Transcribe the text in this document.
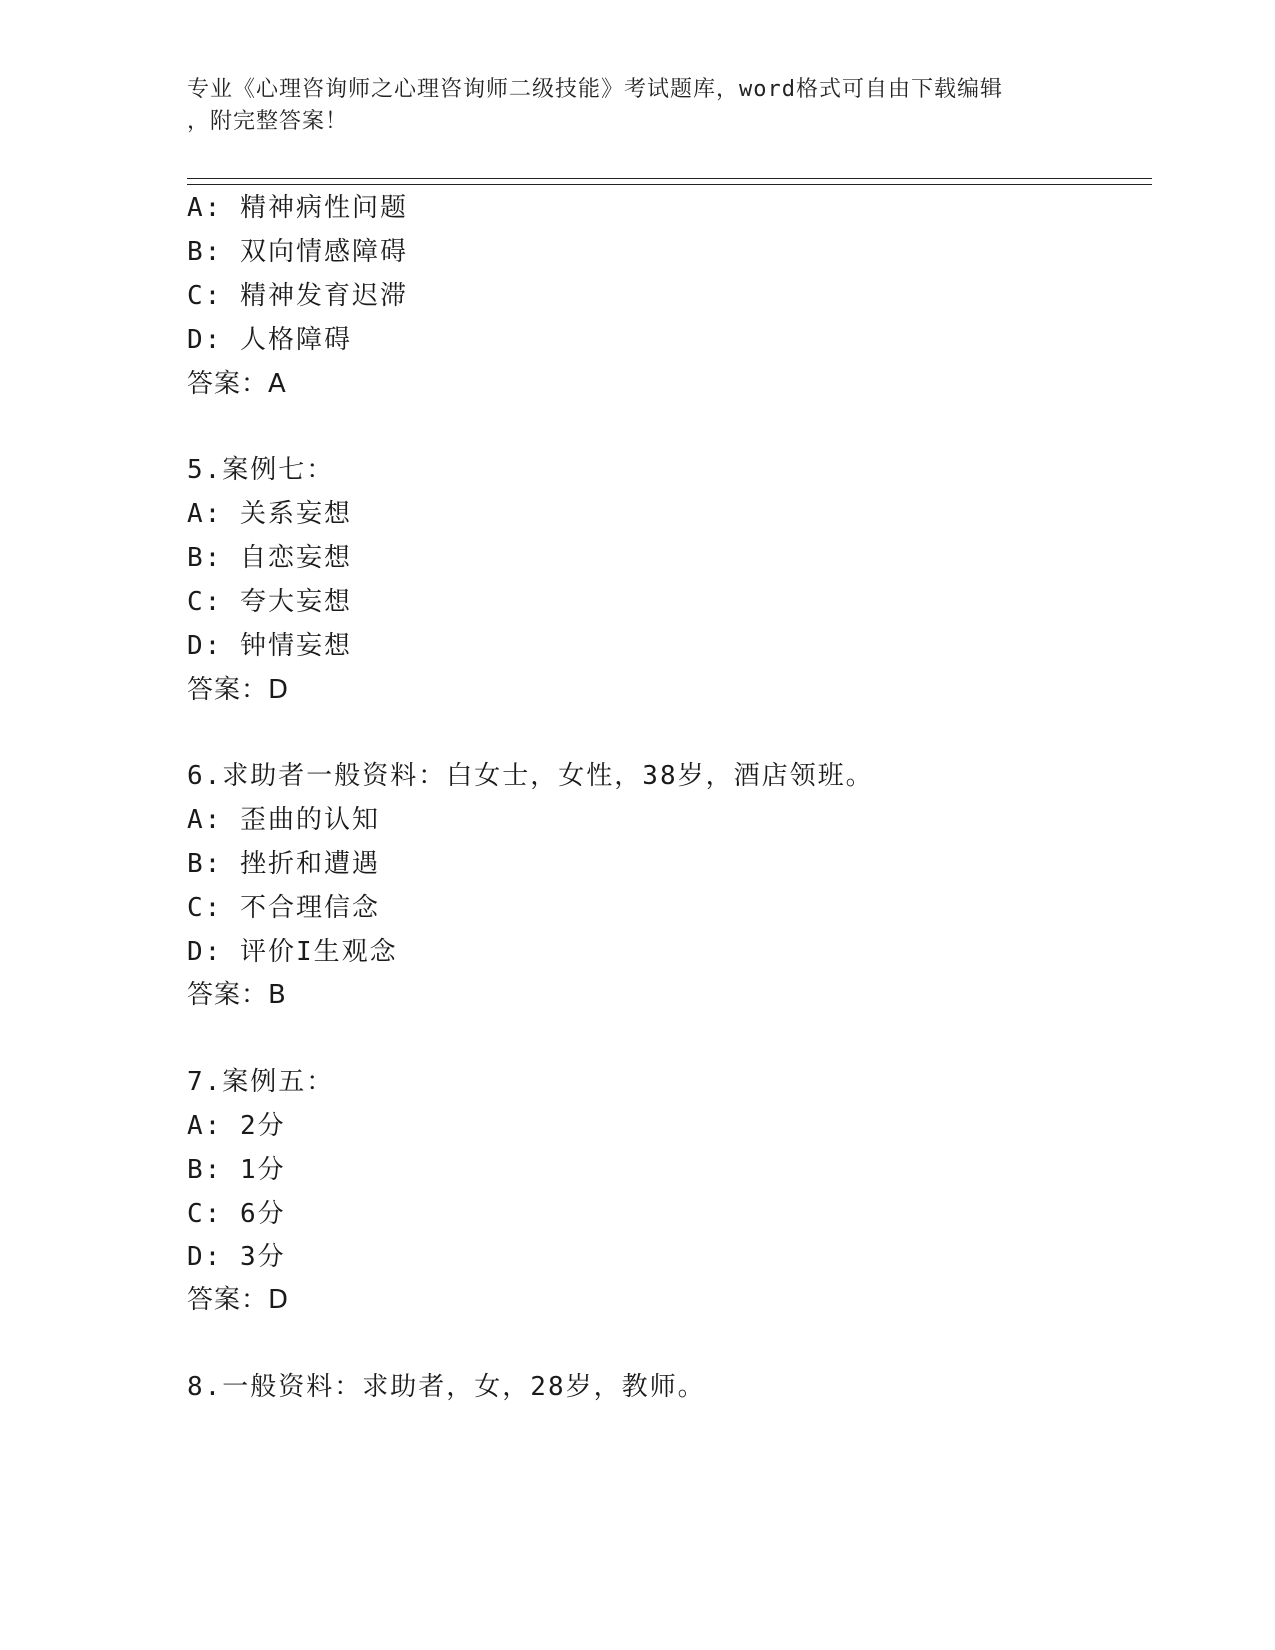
专业《心理咨询师之心理咨询师二级技能》考试题库，word格式可自由下载编辑
，附完整答案！
A: 精神病性问题
B: 双向情感障碍
C: 精神发育迟滞
D: 人格障碍
答案：A
5.案例七：
A: 关系妄想
B: 自恋妄想
C: 夸大妄想
D: 钟情妄想
答案：D
6.求助者一般资料：白女士，女性，38岁，酒店领班。
A: 歪曲的认知
B: 挫折和遭遇
C: 不合理信念
D: 评价I生观念
答案：B
7.案例五：
A: 2分
B: 1分
C: 6分
D: 3分
答案：D
8.一般资料：求助者，女，28岁，教师。
